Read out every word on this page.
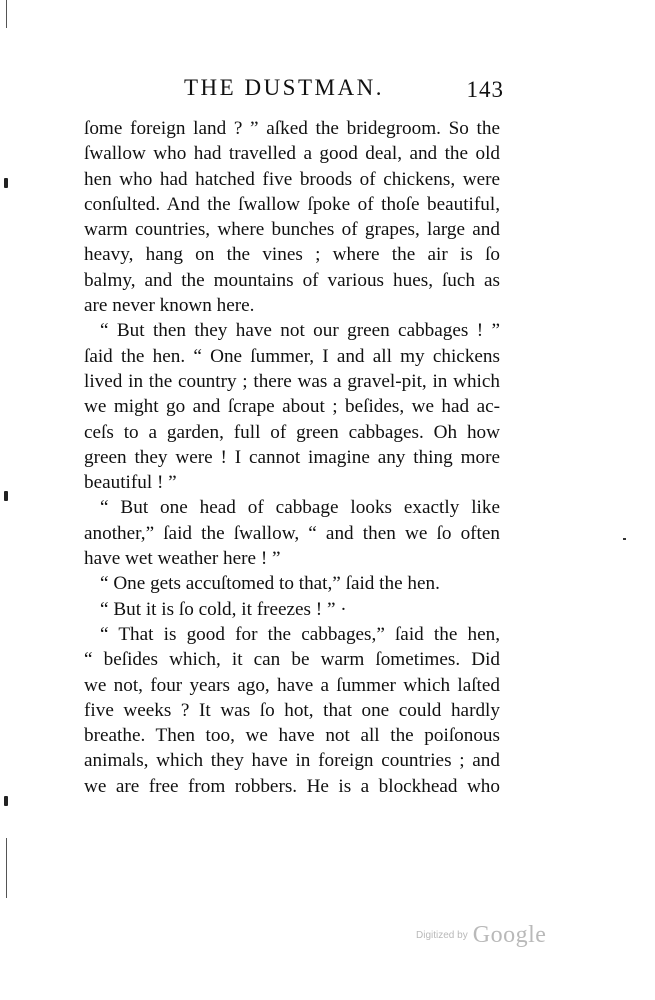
THE DUSTMAN.	143
ſome foreign land ? ” aſked the bridegroom. So the
ſwallow who had travelled a good deal, and the old
hen who had hatched five broods of chickens, were
conſulted. And the ſwallow ſpoke of thoſe beautiful,
warm countries, where bunches of grapes, large and
heavy, hang on the vines ; where the air is ſo
balmy, and the mountains of various hues, ſuch as
are never known here.
“ But then they have not our green cabbages ! ”
ſaid the hen. “ One ſummer, I and all my chickens
lived in the country ; there was a gravel-pit, in which
we might go and ſcrape about ; beſides, we had ac-
ceſs to a garden, full of green cabbages. Oh how
green they were ! I cannot imagine any thing more
beautiful ! ”
“ But one head of cabbage looks exactly like
another,” ſaid the ſwallow, “ and then we ſo often
have wet weather here ! ”
“ One gets accuſtomed to that,” ſaid the hen.
“ But it is ſo cold, it freezes ! ” ·
“ That is good for the cabbages,” ſaid the hen,
“ beſides which, it can be warm ſometimes. Did
we not, four years ago, have a ſummer which laſted
five weeks ? It was ſo hot, that one could hardly
breathe. Then too, we have not all the poiſonous
animals, which they have in foreign countries ; and
we are free from robbers. He is a blockhead who
Digitized by Google
